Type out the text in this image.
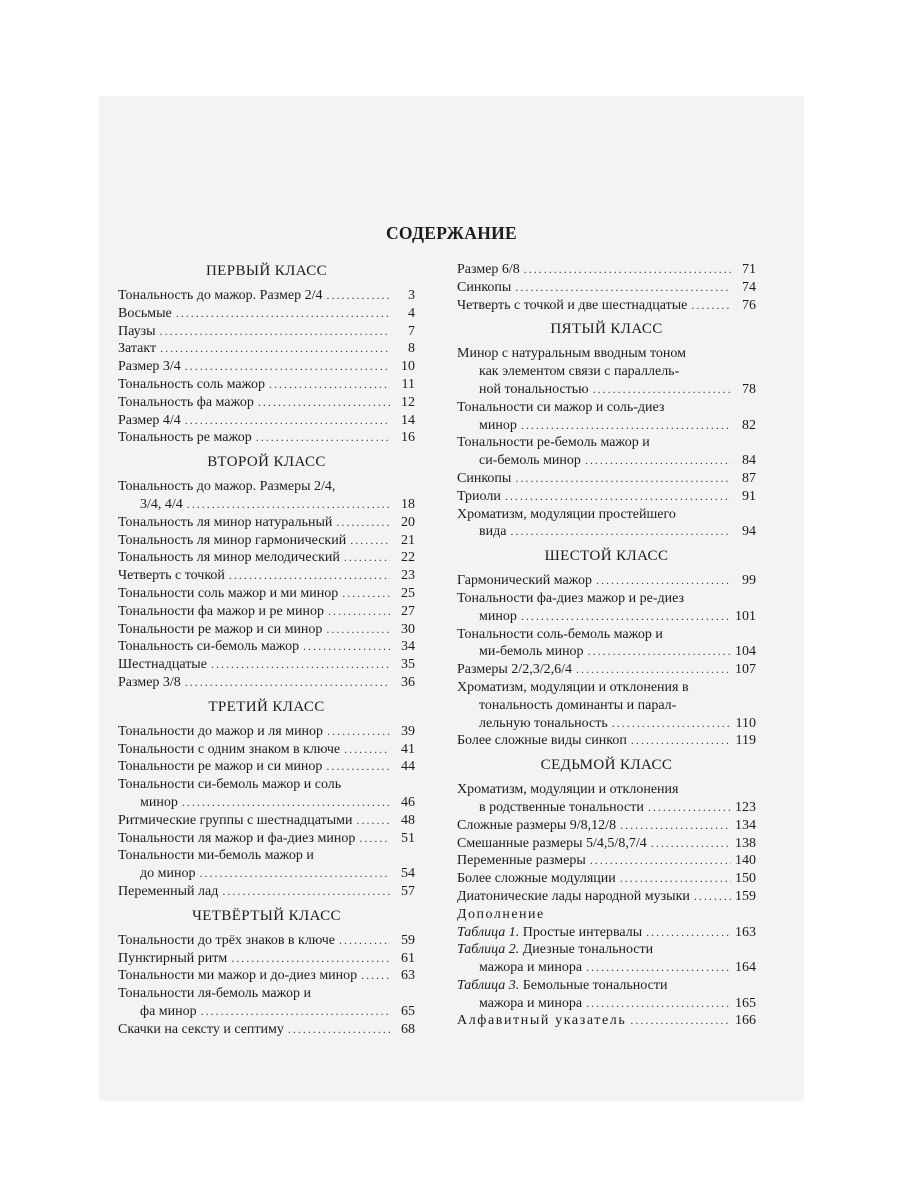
СОДЕРЖАНИЕ
ПЕРВЫЙ КЛАСС
Тональность до мажор. Размер 2/4 . . .	3
Восьмые . . .	4
Паузы . . .	7
Затакт . . .	8
Размер 3/4 . . .	10
Тональность соль мажор . . .	11
Тональность фа мажор . . .	12
Размер 4/4 . . .	14
Тональность ре мажор . . .	16
ВТОРОЙ КЛАСС
Тональность до мажор. Размеры 2/4,
3/4, 4/4 . . .	18
Тональность ля минор натуральный . . .	20
Тональность ля минор гармонический . . .	21
Тональность ля минор мелодический . . .	22
Четверть с точкой . . .	23
Тональности соль мажор и ми минор . . .	25
Тональности фа мажор и ре минор . . .	27
Тональности ре мажор и си минор . . .	30
Тональность си-бемоль мажор . . .	34
Шестнадцатые . . .	35
Размер 3/8 . . .	36
ТРЕТИЙ КЛАСС
Тональности до мажор и ля минор . . .	39
Тональности с одним знаком в ключе . . .	41
Тональности ре мажор и си минор . . .	44
Тональности си-бемоль мажор и соль
минор . . .	46
Ритмические группы с шестнадцатыми . . .	48
Тональности ля мажор и фа-диез минор . . .	51
Тональности ми-бемоль мажор и
до минор . . .	54
Переменный лад . . .	57
ЧЕТВЁРТЫЙ КЛАСС
Тональности до трёх знаков в ключе . . .	59
Пунктирный ритм . . .	61
Тональности ми мажор и до-диез минор . . .	63
Тональности ля-бемоль мажор и
фа минор . . .	65
Скачки на сексту и септиму . . .	68
Размер 6/8 . . .	71
Синкопы . . .	74
Четверть с точкой и две шестнадцатые . . .	76
ПЯТЫЙ КЛАСС
Минор с натуральным вводным тоном
как элементом связи с параллель-
ной тональностью . . .	78
Тональности си мажор и соль-диез
минор . . .	82
Тональности ре-бемоль мажор и
си-бемоль минор . . .	84
Синкопы . . .	87
Триоли . . .	91
Хроматизм, модуляции простейшего
вида . . .	94
ШЕСТОЙ КЛАСС
Гармонический мажор . . .	99
Тональности фа-диез мажор и ре-диез
минор . . .	101
Тональности соль-бемоль мажор и
ми-бемоль минор . . .	104
Размеры 2/2,3/2,6/4 . . .	107
Хроматизм, модуляции и отклонения в
тональность доминанты и парал-
лельную тональность . . .	110
Более сложные виды синкоп . . .	119
СЕДЬМОЙ КЛАСС
Хроматизм, модуляции и отклонения
в родственные тональности . . .	123
Сложные размеры 9/8,12/8 . . .	134
Смешанные размеры 5/4,5/8,7/4 . . .	138
Переменные размеры . . .	140
Более сложные модуляции . . .	150
Диатонические лады народной музыки . . .	159
Дополнение
Таблица 1. Простые интервалы . . .	163
Таблица 2. Диезные тональности
мажора и минора . . .	164
Таблица 3. Бемольные тональности
мажора и минора . . .	165
Алфавитный указатель . . .	166
